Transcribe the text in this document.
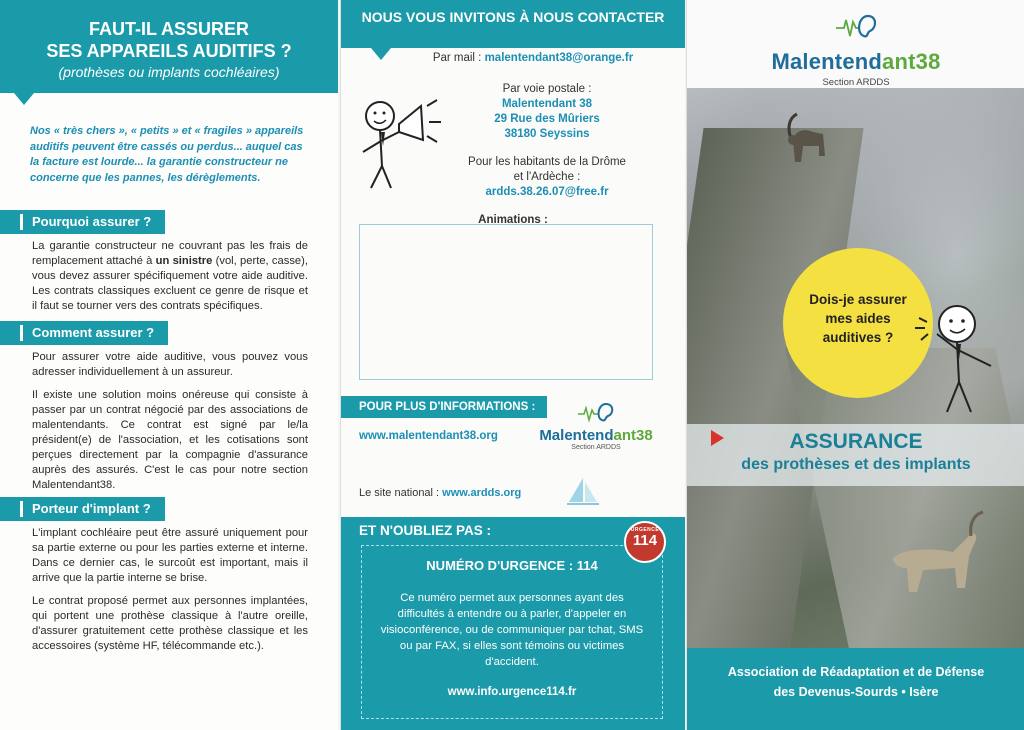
FAUT-IL ASSURER
SES APPAREILS AUDITIFS ?
(prothèses ou implants cochléaires)
Nos « très chers », « petits » et « fragiles » appareils auditifs peuvent être cassés ou perdus... auquel cas la facture est lourde... la garantie constructeur ne concerne que les pannes, les dérèglements.
Pourquoi assurer ?

La garantie constructeur ne couvrant pas les frais de remplacement attaché à un sinistre (vol, perte, casse), vous devez assurer spécifiquement votre aide auditive. Les contrats classiques excluent ce genre de risque et il faut se tourner vers des contrats spécifiques.

Comment assurer ?

Pour assurer votre aide auditive, vous pouvez vous adresser individuellement à un assureur.

Il existe une solution moins onéreuse qui consiste à passer par un contrat négocié par des associations de malentendants. Ce contrat est signé par le/la président(e) de l'association, et les cotisations sont perçues directement par la compagnie d'assurance auprès des assurés. C'est le cas pour notre section Malentendant38.

Porteur d'implant ?

L'implant cochléaire peut être assuré uniquement pour sa partie externe ou pour les parties externe et interne. Dans ce dernier cas, le surcoût est important, mais il arrive que la partie interne se brise.

Le contrat proposé permet aux personnes implantées, qui portent une prothèse classique à l'autre oreille, d'assurer gratuitement cette prothèse classique et les accessoires (système HF, télécommande etc.).

NOUS VOUS INVITONS À NOUS CONTACTER
Par mail : malentendant38@orange.fr
Par voie postale :
Malentendant 38
29 Rue des Mûriers
38180 Seyssins
Pour les habitants de la Drôme
et l'Ardèche :
ardds.38.26.07@free.fr
Animations :
POUR PLUS D'INFORMATIONS :
www.malentendant38.org	Malentendant38
Section ARDDS
Le site national : www.ardds.org
ET N'OUBLIEZ PAS :
NUMÉRO D'URGENCE : 114
Ce numéro permet aux personnes ayant des difficultés à entendre ou à parler, d'appeler en visioconférence, ou de communiquer par tchat, SMS ou par FAX, si elles sont témoins ou victimes d'accident.
www.info.urgence114.fr
URGENCE
114
Malentendant38
Section ARDDS
Dois-je assurer
mes aides
auditives ?
ASSURANCE
des prothèses et des implants
Association de Réadaptation et de Défense
des Devenus-Sourds • Isère
